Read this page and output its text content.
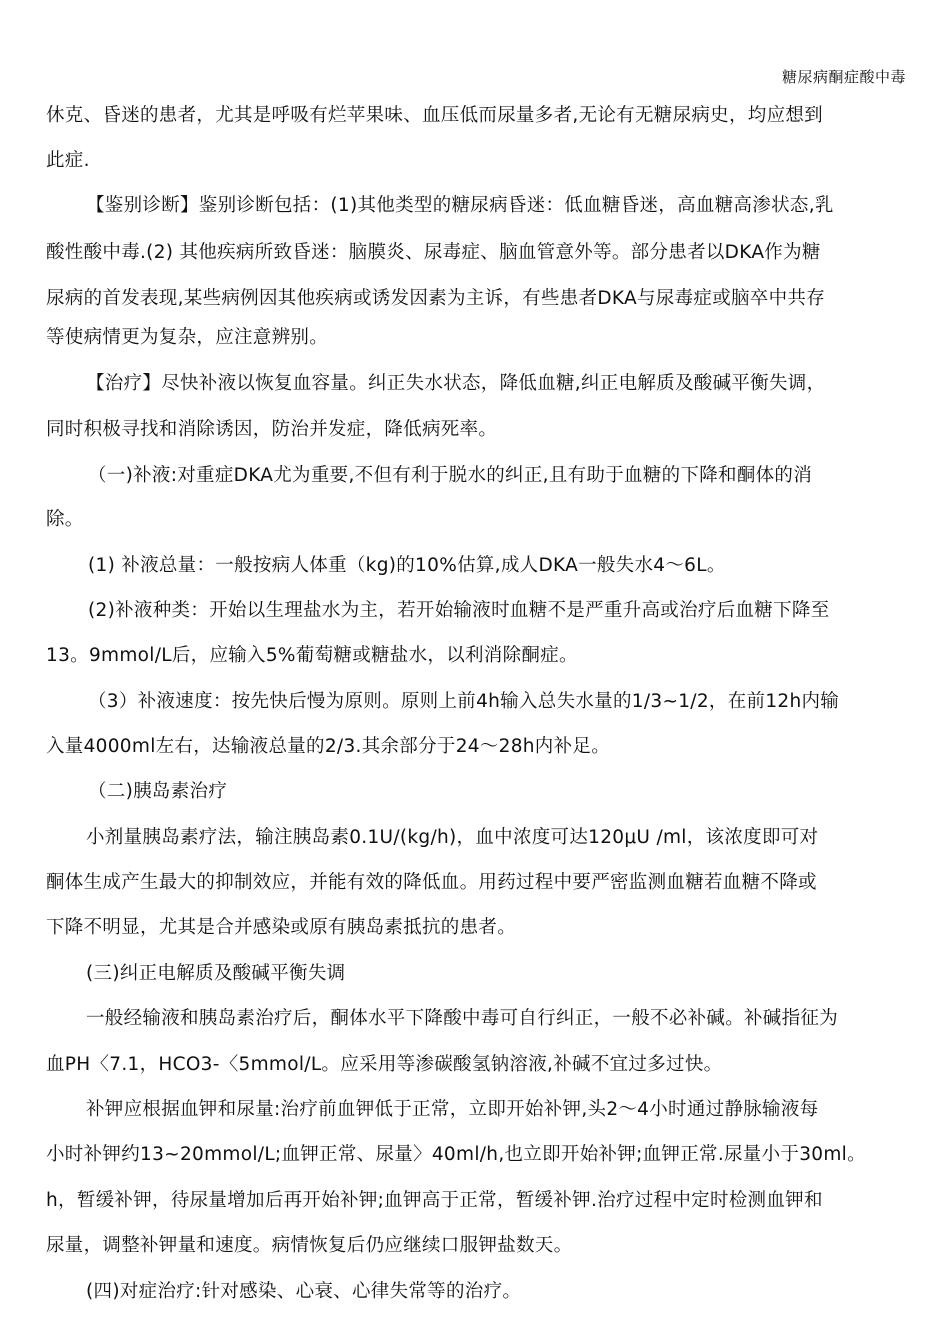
糖尿病酮症酸中毒
休克、昏迷的患者，尤其是呼吸有烂苹果味、血压低而尿量多者,无论有无糖尿病史，均应想到
此症.
【鉴别诊断】鉴别诊断包括：(1)其他类型的糖尿病昏迷：低血糖昏迷，高血糖高渗状态,乳
酸性酸中毒.(2) 其他疾病所致昏迷：脑膜炎、尿毒症、脑血管意外等。部分患者以DKA作为糖
尿病的首发表现,某些病例因其他疾病或诱发因素为主诉，有些患者DKA与尿毒症或脑卒中共存
等使病情更为复杂，应注意辨别。
【治疗】尽快补液以恢复血容量。纠正失水状态，降低血糖,纠正电解质及酸碱平衡失调，
同时积极寻找和消除诱因，防治并发症，降低病死率。
（一)补液:对重症DKA尤为重要,不但有利于脱水的纠正,且有助于血糖的下降和酮体的消
除。
(1) 补液总量：一般按病人体重（kg)的10%估算,成人DKA一般失水4～6L。
(2)补液种类：开始以生理盐水为主，若开始输液时血糖不是严重升高或治疗后血糖下降至
13。9mmol/L后，应输入5%葡萄糖或糖盐水，以利消除酮症。
（3）补液速度：按先快后慢为原则。原则上前4h输入总失水量的1/3~1/2，在前12h内输
入量4000ml左右，达输液总量的2/3.其余部分于24～28h内补足。
（二)胰岛素治疗
小剂量胰岛素疗法，输注胰岛素0.1U/(kg/h)，血中浓度可达120μU /ml，该浓度即可对
酮体生成产生最大的抑制效应，并能有效的降低血。用药过程中要严密监测血糖若血糖不降或
下降不明显，尤其是合并感染或原有胰岛素抵抗的患者。
(三)纠正电解质及酸碱平衡失调
一般经输液和胰岛素治疗后，酮体水平下降酸中毒可自行纠正，一般不必补碱。补碱指征为
血PH〈7.1，HCO3-〈5mmol/L。应采用等渗碳酸氢钠溶液,补碱不宜过多过快。
补钾应根据血钾和尿量:治疗前血钾低于正常，立即开始补钾,头2～4小时通过静脉输液每
小时补钾约13~20mmol/L;血钾正常、尿量〉40ml/h,也立即开始补钾;血钾正常.尿量小于30ml。
h，暂缓补钾，待尿量增加后再开始补钾;血钾高于正常，暂缓补钾.治疗过程中定时检测血钾和
尿量，调整补钾量和速度。病情恢复后仍应继续口服钾盐数天。
(四)对症治疗:针对感染、心衰、心律失常等的治疗。
